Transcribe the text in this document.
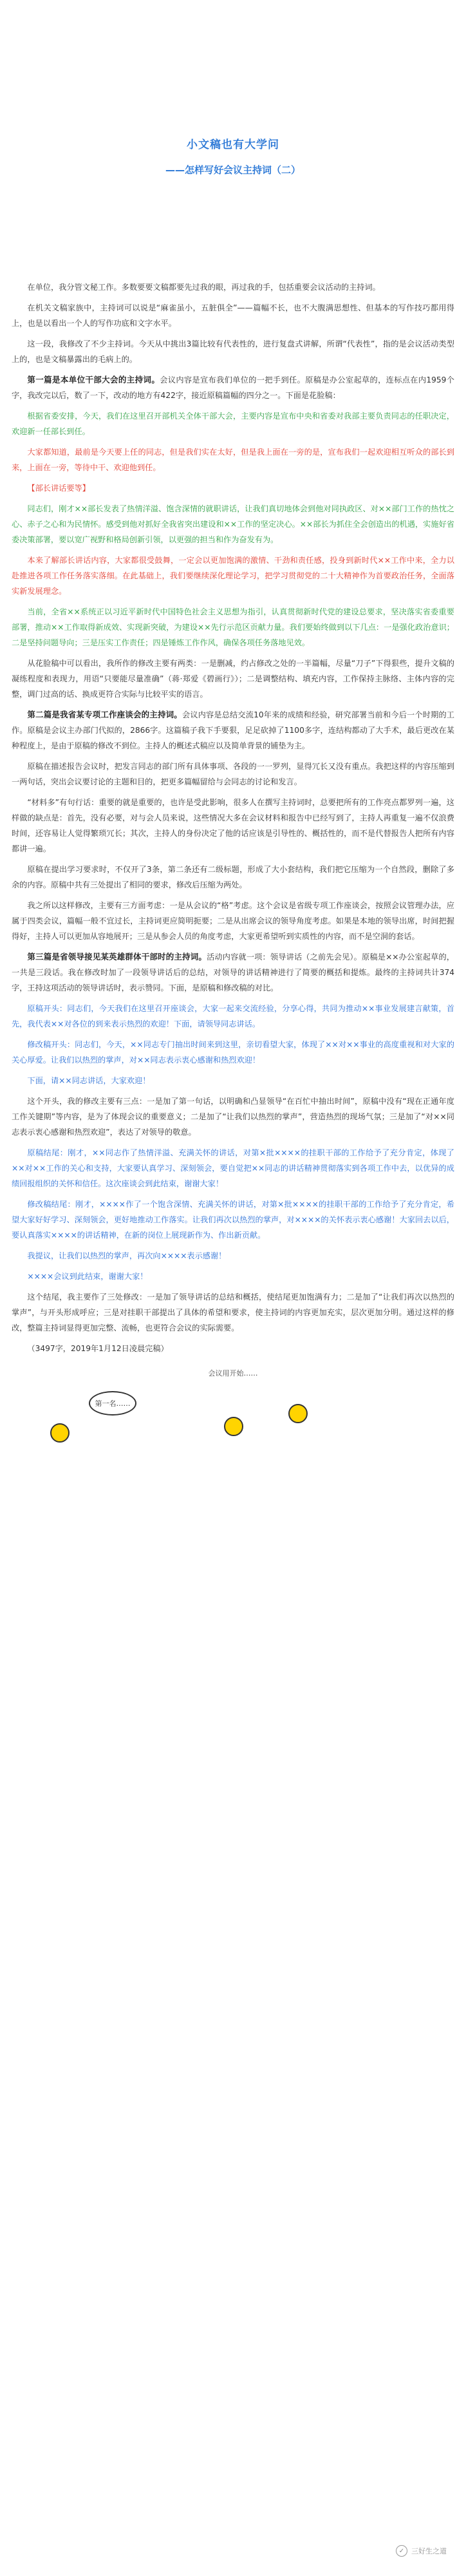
小文稿也有大学问
——怎样写好会议主持词（二）

在单位，我分管文秘工作。多数要要文稿都要先过我的眼，再过我的手，包括重要会议活动的主持词。

在机关文稿家族中，主持词可以说是“麻雀虽小，五脏俱全”——篇幅不长，也不大腹满思想性、但基本的写作技巧都用得上，也是以看出一个人的写作功底和文字水平。

这一段，我修改了不少主持词。今天从中挑出3篇比较有代表性的，进行复盘式讲解，所谓“代表性”，指的是会议活动类型上的，也是文稿暴露出的毛病上的。

第一篇是本单位干部大会的主持词。会议内容是宣布我们单位的一把手到任。原稿是办公室起草的，连标点在内1959个字，我改完以后，数了一下，改动的地方有422字，接近原稿篇幅的四分之一。下面是花脸稿：

根据省委安排，今天，我们在这里召开部机关全体干部大会，主要内容是宣布中央和省委对我部主要负责同志的任职决定，欢迎新一任部长到任。

大家都知道，最前是今天要上任的同志，但是我们实在太好，但是我上面在一旁的是，宣布我们一起欢迎相互听众的部长到来，上面在一旁，等待中干、欢迎他到任。

【部长讲话要等】

同志们，刚才××部长发表了热情洋溢、饱含深情的就职讲话，让我们真切地体会到他对同执政区、对××部门工作的热忱之心、赤子之心和为民情怀。感受到他对抓好全我省突出建设和××工作的坚定决心。××部长为抓住全会创造出的机遇，实施好省委决策部署，要以宽广视野和格局创新引领，以更强的担当和作为奋发有为。

本来了解部长讲话内容，大家都很受鼓舞，一定会以更加饱满的激情、干劲和责任感，投身到新时代××工作中来，全力以赴推进各项工作任务落实落细。在此基础上，我们要继续深化理论学习，把学习贯彻党的二十大精神作为首要政治任务，全面落实新发展理念。

当前，全省××系统正以习近平新时代中国特色社会主义思想为指引，认真贯彻新时代党的建设总要求，坚决落实省委重要部署，推动××工作取得新成效、实现新突破，为建设××先行示范区贡献力量。我们要始终做到以下几点：一是强化政治意识；二是坚持问题导向；三是压实工作责任；四是锤炼工作作风，确保各项任务落地见效。

从花脸稿中可以看出，我所作的修改主要有两类：一是删减，约占修改之处的一半篇幅，尽量“刀子”下得狠些，提升文稿的凝练程度和表现力，用语“只要能尽量准确”（蒋·郑爱《碧画行》）；二是调整结构、填充内容，工作保持主脉络、主体内容的完整，调门过高的话、换成更符合实际与比较平实的语言。

第二篇是我省某专项工作座谈会的主持词。会议内容是总结交流10年来的成绩和经验，研究部署当前和今后一个时期的工作。原稿是会议主办部门代拟的，2866字。这篇稿子我下手要狠，足足砍掉了1100多字，连结构都动了大手术，最后更改在某种程度上，是由于原稿的修改不到位。主持人的概述式稿应以及简单背景的铺垫为主。

原稿在描述报告会议时，把发言同志的部门所有具体事项、各段的一一罗列，显得冗长又没有重点。我把这样的内容压缩到一两句话，突出会议要讨论的主题和目的，把更多篇幅留给与会同志的讨论和发言。

“材料多”有句行话：重要的就是重要的，也许是受此影响，很多人在撰写主持词时，总要把所有的工作亮点都罗列一遍，这样做的缺点是：首先，没有必要，对与会人员来说，这些情况大多在会议材料和报告中已经写到了，主持人再重复一遍不仅浪费时间，还容易让人觉得繁琐冗长；其次，主持人的身份决定了他的话应该是引导性的、概括性的，而不是代替报告人把所有内容都讲一遍。

原稿在提出学习要求时，不仅开了3条，第二条还有二级标题，形成了大小套结构，我们把它压缩为一个自然段，删除了多余的内容。原稿中共有三处提出了相同的要求，修改后压缩为两处。

我之所以这样修改，主要有三方面考虑：一是从会议的“格”考虑。这个会议是省级专项工作座谈会，按照会议管理办法，应属于四类会议，篇幅一般不宜过长，主持词更应简明扼要；二是从出席会议的领导角度考虑。如果是本地的领导出席，时间把握得好，主持人可以更加从容地展开；三是从参会人员的角度考虑，大家更希望听到实质性的内容，而不是空洞的套话。

第三篇是省领导接见某英雄群体干部时的主持词。活动内容就一项：领导讲话（之前先会见）。原稿是××办公室起草的，一共是三段话。我在修改时加了一段领导讲话后的总结，对领导的讲话精神进行了简要的概括和提炼。最终的主持词共计374字，王持这项活动的领导讲话时，表示赞同。下面，是原稿和修改稿的对比。

原稿开头：同志们，今天我们在这里召开座谈会，大家一起来交流经验，分享心得，共同为推动××事业发展建言献策，首先，我代表××对各位的到来表示热烈的欢迎！下面，请领导同志讲话。

修改稿开头：同志们，今天，××同志专门抽出时间来到这里，亲切看望大家，体现了××对××事业的高度重视和对大家的关心厚爱。让我们以热烈的掌声，对××同志表示衷心感谢和热烈欢迎！

下面，请××同志讲话，大家欢迎！

这个开头，我的修改主要有三点：一是加了第一句话，以明确和凸显领导“在百忙中抽出时间”，原稿中没有“现在正通年度工作关键期”等内容，是为了体现会议的重要意义；二是加了“让我们以热烈的掌声”，营造热烈的现场气氛；三是加了“对××同志表示衷心感谢和热烈欢迎”，表达了对领导的敬意。

原稿结尾：刚才，××同志作了热情洋溢、充满关怀的讲话，对第×批××××的挂职干部的工作给予了充分肯定，体现了××对××工作的关心和支持，大家要认真学习、深刻领会，要自觉把××同志的讲话精神贯彻落实到各项工作中去，以优异的成绩回报组织的关怀和信任。这次座谈会到此结束，谢谢大家！

修改稿结尾：刚才，××××作了一个饱含深情、充满关怀的讲话，对第×批××××的挂职干部的工作给予了充分肯定，希望大家好好学习、深刻领会，更好地推动工作落实。让我们再次以热烈的掌声，对××××的关怀表示衷心感谢！大家回去以后，要认真落实××××的讲话精神，在新的岗位上展现新作为、作出新贡献。

我提议，让我们以热烈的掌声，再次向××××表示感谢！

××××会议到此结束，谢谢大家！

这个结尾，我主要作了三处修改：一是加了领导讲话的总结和概括，使结尾更加饱满有力；二是加了“让我们再次以热烈的掌声”，与开头形成呼应；三是对挂职干部提出了具体的希望和要求，使主持词的内容更加充实，层次更加分明。通过这样的修改，整篇主持词显得更加完整、流畅，也更符合会议的实际需要。

（3497字，2019年1月12日凌晨完稿）

会议用开始……
第一名……
✓ 三好生之道
